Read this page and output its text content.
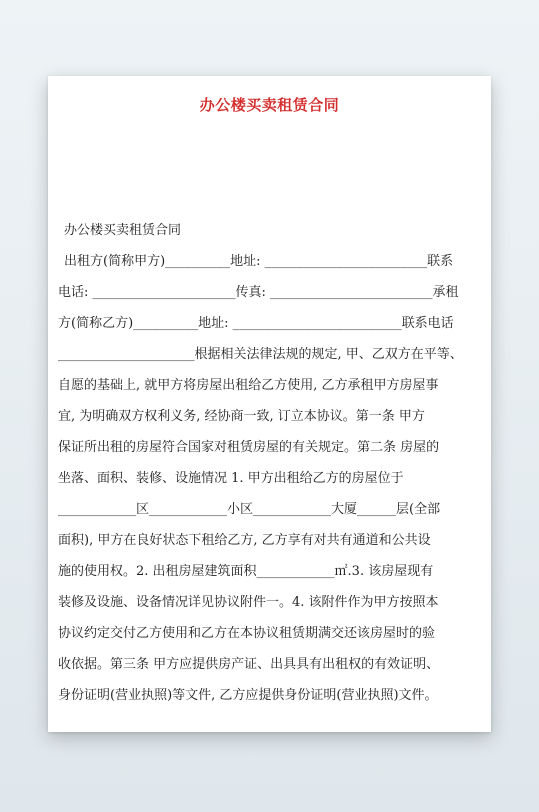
办公楼买卖租赁合同
办公楼买卖租赁合同
出租方(简称甲方)__________地址: _________________________联系
电话: ______________________传真: _________________________承租
方(简称乙方)__________地址: __________________________联系电话
_____________________根据相关法律法规的规定, 甲、乙双方在平等、
自愿的基础上, 就甲方将房屋出租给乙方使用, 乙方承租甲方房屋事
宜, 为明确双方权利义务, 经协商一致, 订立本协议。第一条 甲方
保证所出租的房屋符合国家对租赁房屋的有关规定。第二条 房屋的
坐落、面积、装修、设施情况 1. 甲方出租给乙方的房屋位于
____________区____________小区____________大厦______层(全部
面积), 甲方在良好状态下租给乙方, 乙方享有对共有通道和公共设
施的使用权。2. 出租房屋建筑面积____________㎡.3. 该房屋现有
装修及设施、设备情况详见协议附件一。4. 该附件作为甲方按照本
协议约定交付乙方使用和乙方在本协议租赁期满交还该房屋时的验
收依据。第三条 甲方应提供房产证、出具具有出租权的有效证明、
身份证明(营业执照)等文件, 乙方应提供身份证明(营业执照)文件。
